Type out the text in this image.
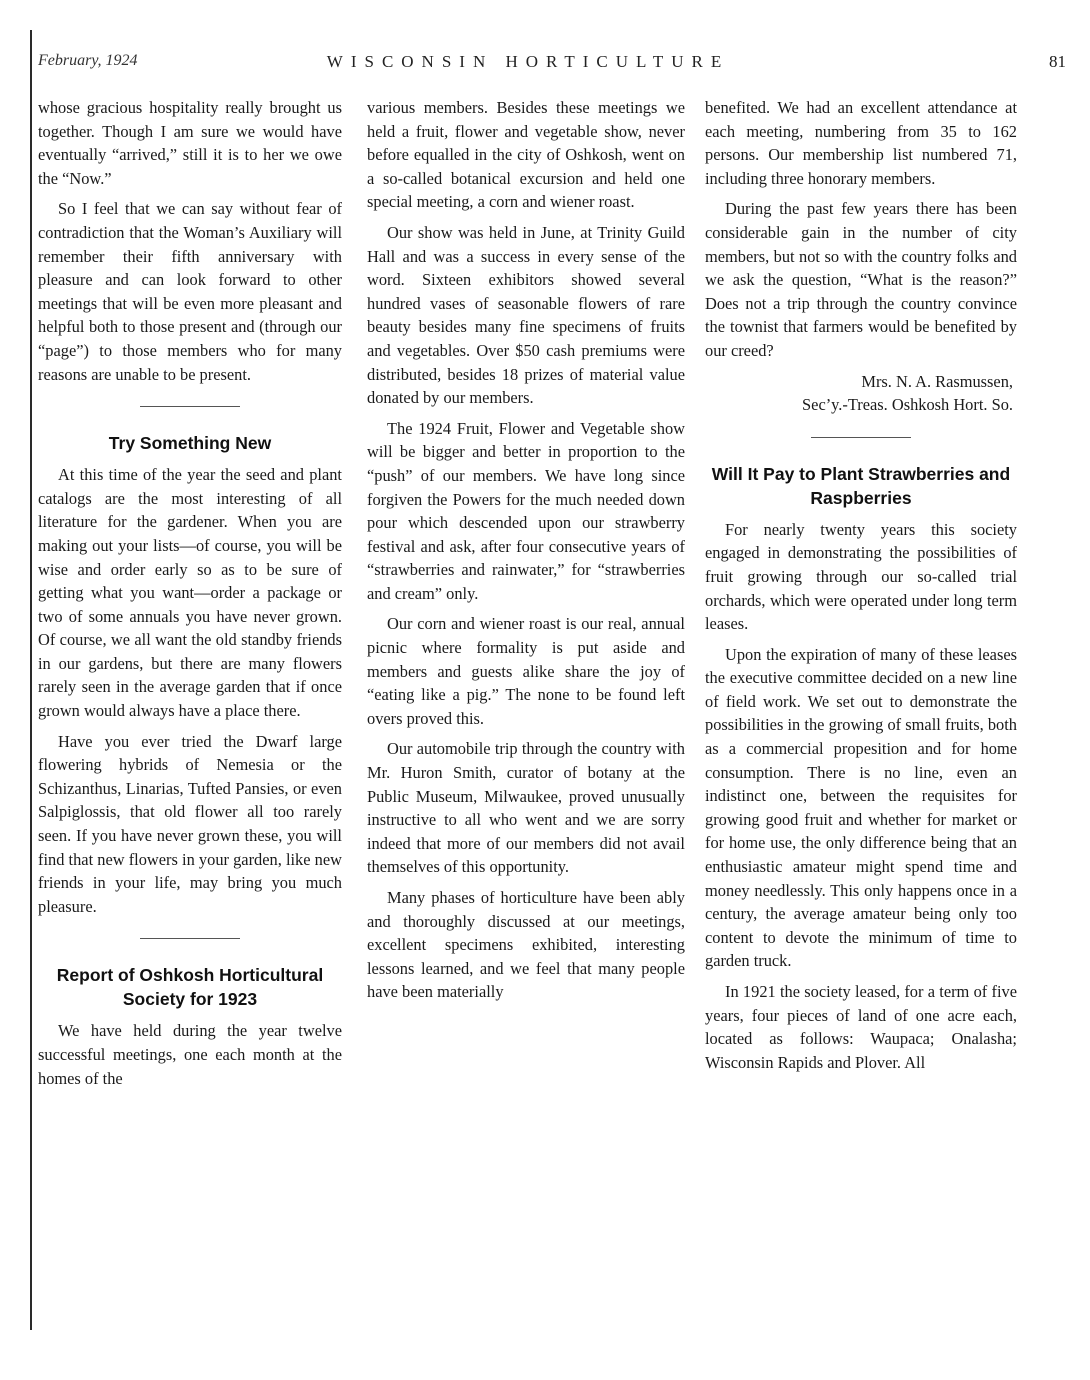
February, 1924	WISCONSIN HORTICULTURE	81

whose gracious hospitality really brought us together. Though I am sure we would have eventually “arrived,” still it is to her we owe the “Now.”

So I feel that we can say without fear of contradiction that the Woman’s Auxiliary will remember their fifth anniversary with pleasure and can look forward to other meetings that will be even more pleasant and helpful both to those present and (through our “page”) to those members who for many reasons are unable to be present.

Try Something New

At this time of the year the seed and plant catalogs are the most interesting of all literature for the gardener. When you are making out your lists—of course, you will be wise and order early so as to be sure of getting what you want—order a package or two of some annuals you have never grown. Of course, we all want the old standby friends in our gardens, but there are many flowers rarely seen in the average garden that if once grown would always have a place there.

Have you ever tried the Dwarf large flowering hybrids of Nemesia or the Schizanthus, Linarias, Tufted Pansies, or even Salpiglossis, that old flower all too rarely seen. If you have never grown these, you will find that new flowers in your garden, like new friends in your life, may bring you much pleasure.

Report of Oshkosh Horticultural Society for 1923

We have held during the year twelve successful meetings, one each month at the homes of the

various members. Besides these meetings we held a fruit, flower and vegetable show, never before equalled in the city of Oshkosh, went on a so-called botanical excursion and held one special meeting, a corn and wiener roast.

Our show was held in June, at Trinity Guild Hall and was a success in every sense of the word. Sixteen exhibitors showed several hundred vases of seasonable flowers of rare beauty besides many fine specimens of fruits and vegetables. Over $50 cash premiums were distributed, besides 18 prizes of material value donated by our members.

The 1924 Fruit, Flower and Vegetable show will be bigger and better in proportion to the “push” of our members. We have long since forgiven the Powers for the much needed down pour which descended upon our strawberry festival and ask, after four consecutive years of “strawberries and rainwater,” for “strawberries and cream” only.

Our corn and wiener roast is our real, annual picnic where formality is put aside and members and guests alike share the joy of “eating like a pig.” The none to be found left overs proved this.

Our automobile trip through the country with Mr. Huron Smith, curator of botany at the Public Museum, Milwaukee, proved unusually instructive to all who went and we are sorry indeed that more of our members did not avail themselves of this opportunity.

Many phases of horticulture have been ably and thoroughly discussed at our meetings, excellent specimens exhibited, interesting lessons learned, and we feel that many people have been materially

benefited. We had an excellent attendance at each meeting, numbering from 35 to 162 persons. Our membership list numbered 71, including three honorary members.

During the past few years there has been considerable gain in the number of city members, but not so with the country folks and we ask the question, “What is the reason?” Does not a trip through the country convince the townist that farmers would be benefited by our creed?

Mrs. N. A. Rasmussen,
Sec’y.-Treas. Oshkosh Hort. So.
Will It Pay to Plant Strawberries and Raspberries

For nearly twenty years this society engaged in demonstrating the possibilities of fruit growing through our so-called trial orchards, which were operated under long term leases.

Upon the expiration of many of these leases the executive committee decided on a new line of field work. We set out to demonstrate the possibilities in the growing of small fruits, both as a commercial propesition and for home consumption. There is no line, even an indistinct one, between the requisites for growing good fruit and whether for market or for home use, the only difference being that an enthusiastic amateur might spend time and money needlessly. This only happens once in a century, the average amateur being only too content to devote the minimum of time to garden truck.

In 1921 the society leased, for a term of five years, four pieces of land of one acre each, located as follows: Waupaca; Onalasha; Wisconsin Rapids and Plover. All
